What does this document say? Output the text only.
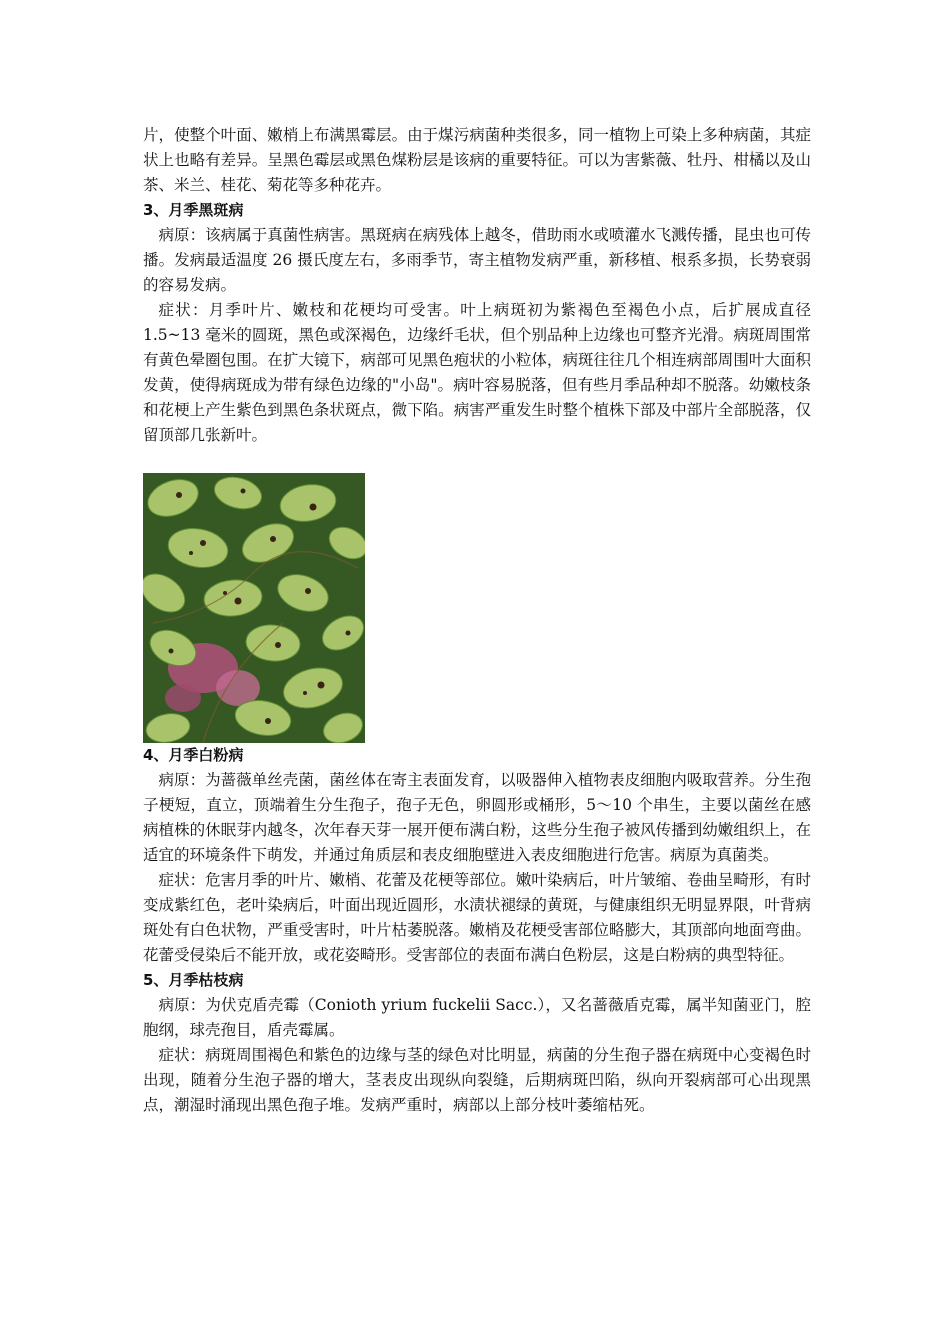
片，使整个叶面、嫩梢上布满黑霉层。由于煤污病菌种类很多，同一植物上可染上多种病菌，其症状上也略有差异。呈黑色霉层或黑色煤粉层是该病的重要特征。可以为害紫薇、牡丹、柑橘以及山茶、米兰、桂花、菊花等多种花卉。

3、月季黑斑病

病原：该病属于真菌性病害。黑斑病在病残体上越冬，借助雨水或喷灌水飞溅传播，昆虫也可传播。发病最适温度 26 摄氏度左右，多雨季节，寄主植物发病严重，新移植、根系多损，长势衰弱的容易发病。

症状：月季叶片、嫩枝和花梗均可受害。叶上病斑初为紫褐色至褐色小点，后扩展成直径 1.5~13 毫米的圆斑，黑色或深褐色，边缘纤毛状，但个别品种上边缘也可整齐光滑。病斑周围常有黄色晕圈包围。在扩大镜下，病部可见黑色疱状的小粒体，病斑往往几个相连病部周围叶大面积发黄，使得病斑成为带有绿色边缘的"小岛"。病叶容易脱落，但有些月季品种却不脱落。幼嫩枝条和花梗上产生紫色到黑色条状斑点，微下陷。病害严重发生时整个植株下部及中部片全部脱落，仅留顶部几张新叶。

4、月季白粉病

病原：为蔷薇单丝壳菌，菌丝体在寄主表面发育，以吸器伸入植物表皮细胞内吸取营养。分生孢子梗短，直立，顶端着生分生孢子，孢子无色，卵圆形或桶形，5～10 个串生，主要以菌丝在感病植株的休眠芽内越冬，次年春天芽一展开便布满白粉，这些分生孢子被风传播到幼嫩组织上，在适宜的环境条件下萌发，并通过角质层和表皮细胞壁进入表皮细胞进行危害。病原为真菌类。

症状：危害月季的叶片、嫩梢、花蕾及花梗等部位。嫩叶染病后，叶片皱缩、卷曲呈畸形，有时变成紫红色，老叶染病后，叶面出现近圆形，水渍状褪绿的黄斑，与健康组织无明显界限，叶背病斑处有白色状物，严重受害时，叶片枯萎脱落。嫩梢及花梗受害部位略膨大，其顶部向地面弯曲。花蕾受侵染后不能开放，或花姿畸形。受害部位的表面布满白色粉层，这是白粉病的典型特征。

5、月季枯枝病

病原：为伏克盾壳霉（Conioth yrium fuckelii Sacc.），又名蔷薇盾克霉，属半知菌亚门，腔胞纲，球壳孢目，盾壳霉属。

症状：病斑周围褐色和紫色的边缘与茎的绿色对比明显，病菌的分生孢子器在病斑中心变褐色时出现，随着分生泡子器的增大，茎表皮出现纵向裂缝，后期病斑凹陷，纵向开裂病部可心出现黑点，潮湿时涌现出黑色孢子堆。发病严重时，病部以上部分枝叶萎缩枯死。
